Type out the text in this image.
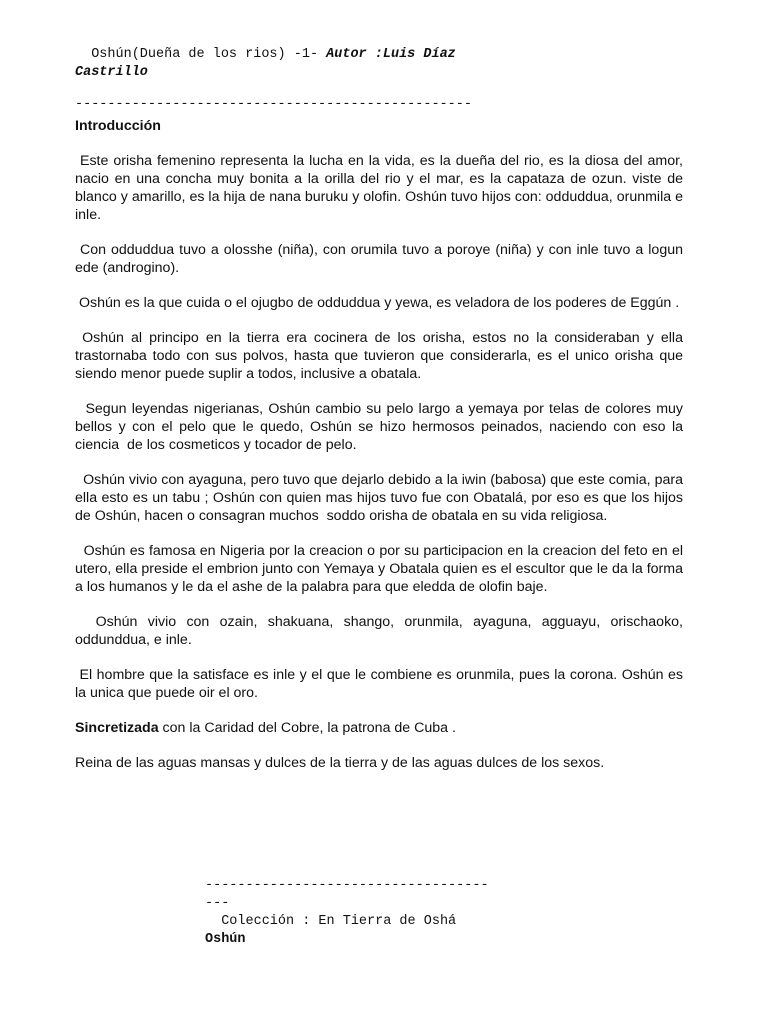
Oshún(Dueña de los rios) -1- Autor :Luis Díaz
Castrillo
-------------------------------------------------
Introducción

Este orisha femenino representa la lucha en la vida, es la dueña del rio, es la diosa del amor, nacio en una concha muy bonita a la orilla del rio y el mar, es la capataza de ozun. viste de blanco y amarillo, es la hija de nana buruku y olofin. Oshún tuvo hijos con: odduddua, orunmila e inle.

Con odduddua tuvo a olosshe (niña), con orumila tuvo a poroye (niña) y con inle tuvo a logun ede (androgino).

Oshún es la que cuida o el ojugbo de odduddua y yewa, es veladora de los poderes de Eggún .

Oshún al principo en la tierra era cocinera de los orisha, estos no la consideraban y ella trastornaba todo con sus polvos, hasta que tuvieron que considerarla, es el unico orisha que siendo menor puede suplir a todos, inclusive a obatala.

Segun leyendas nigerianas, Oshún cambio su pelo largo a yemaya por telas de colores muy bellos y con el pelo que le quedo, Oshún se hizo hermosos peinados, naciendo con eso la ciencia  de los cosmeticos y tocador de pelo.

Oshún vivio con ayaguna, pero tuvo que dejarlo debido a la iwin (babosa) que este comia, para ella esto es un tabu ; Oshún con quien mas hijos tuvo fue con Obatalá, por eso es que los hijos de Oshún, hacen o consagran muchos  soddo orisha de obatala en su vida religiosa.

Oshún es famosa en Nigeria por la creacion o por su participacion en la creacion del feto en el utero, ella preside el embrion junto con Yemaya y Obatala quien es el escultor que le da la forma a los humanos y le da el ashe de la palabra para que eledda de olofin baje.

Oshún vivio con ozain, shakuana, shango, orunmila, ayaguna, agguayu, orischaoko, oddunddua, e inle.

El hombre que la satisface es inle y el que le combiene es orunmila, pues la corona. Oshún es la unica que puede oir el oro.

Sincretizada con la Caridad del Cobre, la patrona de Cuba .

Reina de las aguas mansas y dulces de la tierra y de las aguas dulces de los sexos.

-----------------------------------
---
Colección : En Tierra de Oshá
Oshún
